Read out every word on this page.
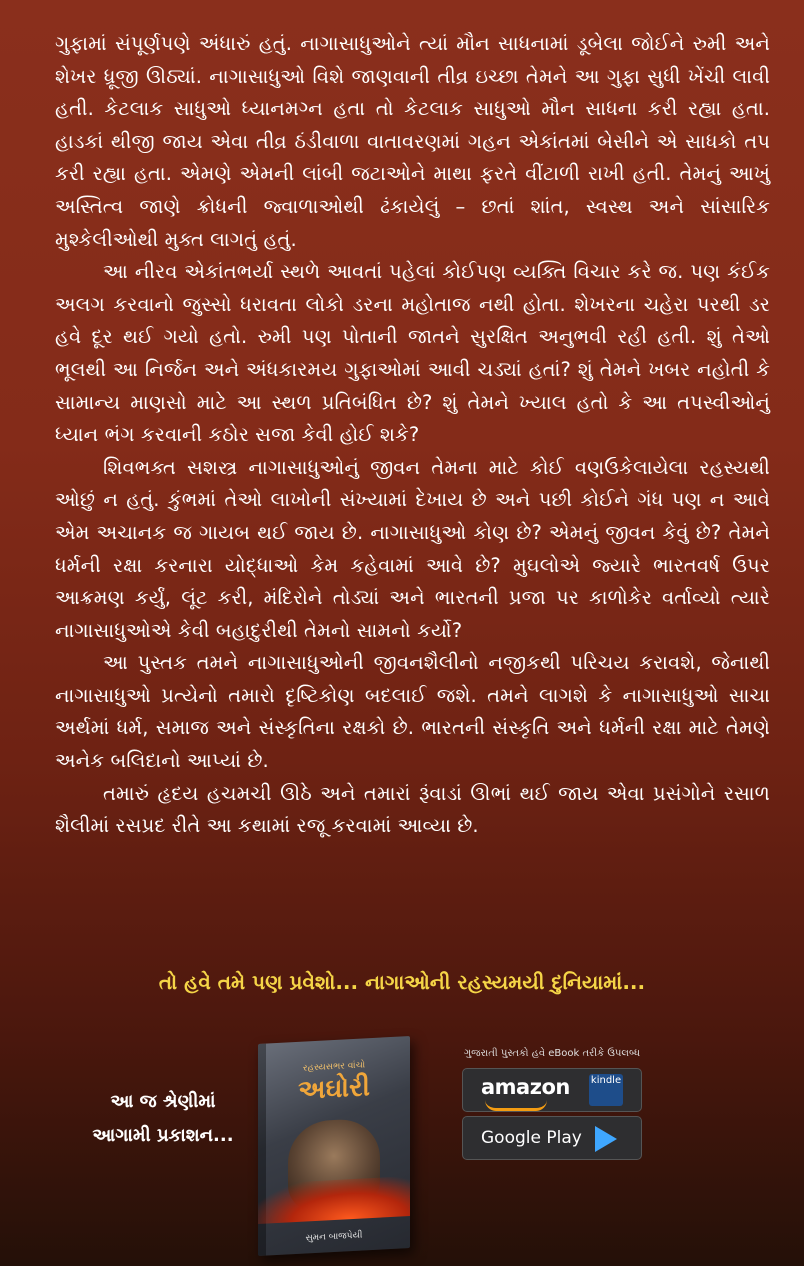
ગુફામાં સંપૂર્ણપણે અંધારું હતું. નાગાસાધુઓને ત્યાં મૌન સાધનામાં ડૂબેલા જોઈને રુમી અને શેખર ધ્રૂજી ઊઠ્યાં. નાગાસાધુઓ વિશે જાણવાની તીવ્ર ઇચ્છા તેમને આ ગુફા સુધી ખેંચી લાવી હતી. કેટલાક સાધુઓ ધ્યાનમગ્ન હતા તો કેટલાક સાધુઓ મૌન સાધના કરી રહ્યા હતા. હાડકાં થીજી જાય એવા તીવ્ર ઠંડીવાળા વાતાવરણમાં ગહન એકાંતમાં બેસીને એ સાધકો તપ કરી રહ્યા હતા. એમણે એમની લાંબી જટાઓને માથા ફરતે વીંટાળી રાખી હતી. તેમનું આખું અસ્તિત્વ જાણે ક્રોધની જ્વાળાઓથી ઢંકાયેલું – છતાં શાંત, સ્વસ્થ અને સાંસારિક મુશ્કેલીઓથી મુક્ત લાગતું હતું.

આ નીરવ એકાંતભર્યા સ્થળે આવતાં પહેલાં કોઈપણ વ્યક્તિ વિચાર કરે જ. પણ કંઈક અલગ કરવાનો જુસ્સો ધરાવતા લોકો ડરના મહોતાજ નથી હોતા. શેખરના ચહેરા પરથી ડર હવે દૂર થઈ ગયો હતો. રુમી પણ પોતાની જાતને સુરક્ષિત અનુભવી રહી હતી. શું તેઓ ભૂલથી આ નિર્જન અને અંધકારમય ગુફાઓમાં આવી ચડ્યાં હતાં? શું તેમને ખબર નહોતી કે સામાન્ય માણસો માટે આ સ્થળ પ્રતિબંધિત છે? શું તેમને ખ્યાલ હતો કે આ તપસ્વીઓનું ધ્યાન ભંગ કરવાની કઠોર સજા કેવી હોઈ શકે?

શિવભક્ત સશસ્ત્ર નાગાસાધુઓનું જીવન તેમના માટે કોઈ વણઉકેલાયેલા રહસ્યથી ઓછું ન હતું. કુંભમાં તેઓ લાખોની સંખ્યામાં દેખાય છે અને પછી કોઈને ગંધ પણ ન આવે એમ અચાનક જ ગાયબ થઈ જાય છે. નાગાસાધુઓ કોણ છે? એમનું જીવન કેવું છે? તેમને ધર્મની રક્ષા કરનારા યોદ્ધાઓ કેમ કહેવામાં આવે છે? મુઘલોએ જ્યારે ભારતવર્ષ ઉપર આક્રમણ કર્યું, લૂંટ કરી, મંદિરોને તોડ્યાં અને ભારતની પ્રજા પર કાળોકેર વર્તાવ્યો ત્યારે નાગાસાધુઓએ કેવી બહાદુરીથી તેમનો સામનો કર્યો?

આ પુસ્તક તમને નાગાસાધુઓની જીવનશૈલીનો નજીકથી પરિચય કરાવશે, જેનાથી નાગાસાધુઓ પ્રત્યેનો તમારો દૃષ્ટિકોણ બદલાઈ જશે. તમને લાગશે કે નાગાસાધુઓ સાચા અર્થમાં ધર્મ, સમાજ અને સંસ્કૃતિના રક્ષકો છે. ભારતની સંસ્કૃતિ અને ધર્મની રક્ષા માટે તેમણે અનેક બલિદાનો આપ્યાં છે.

તમારું હૃદય હચમચી ઊઠે અને તમારાં રૂંવાડાં ઊભાં થઈ જાય એવા પ્રસંગોને રસાળ શૈલીમાં રસપ્રદ રીતે આ કથામાં રજૂ કરવામાં આવ્યા છે.

તો હવે તમે પણ પ્રવેશો... નાગાઓની રહસ્યમયી દુનિયામાં...
આ જ શ્રેણીમાં
આગામી પ્રકાશન...
રહસ્યસભર વાંચો
અઘોરી
સુમન બાજપેયી
ગુજરાતી પુસ્તકો હવે eBook તરીકે ઉપલબ્ધ
amazon kindle
Google Play
